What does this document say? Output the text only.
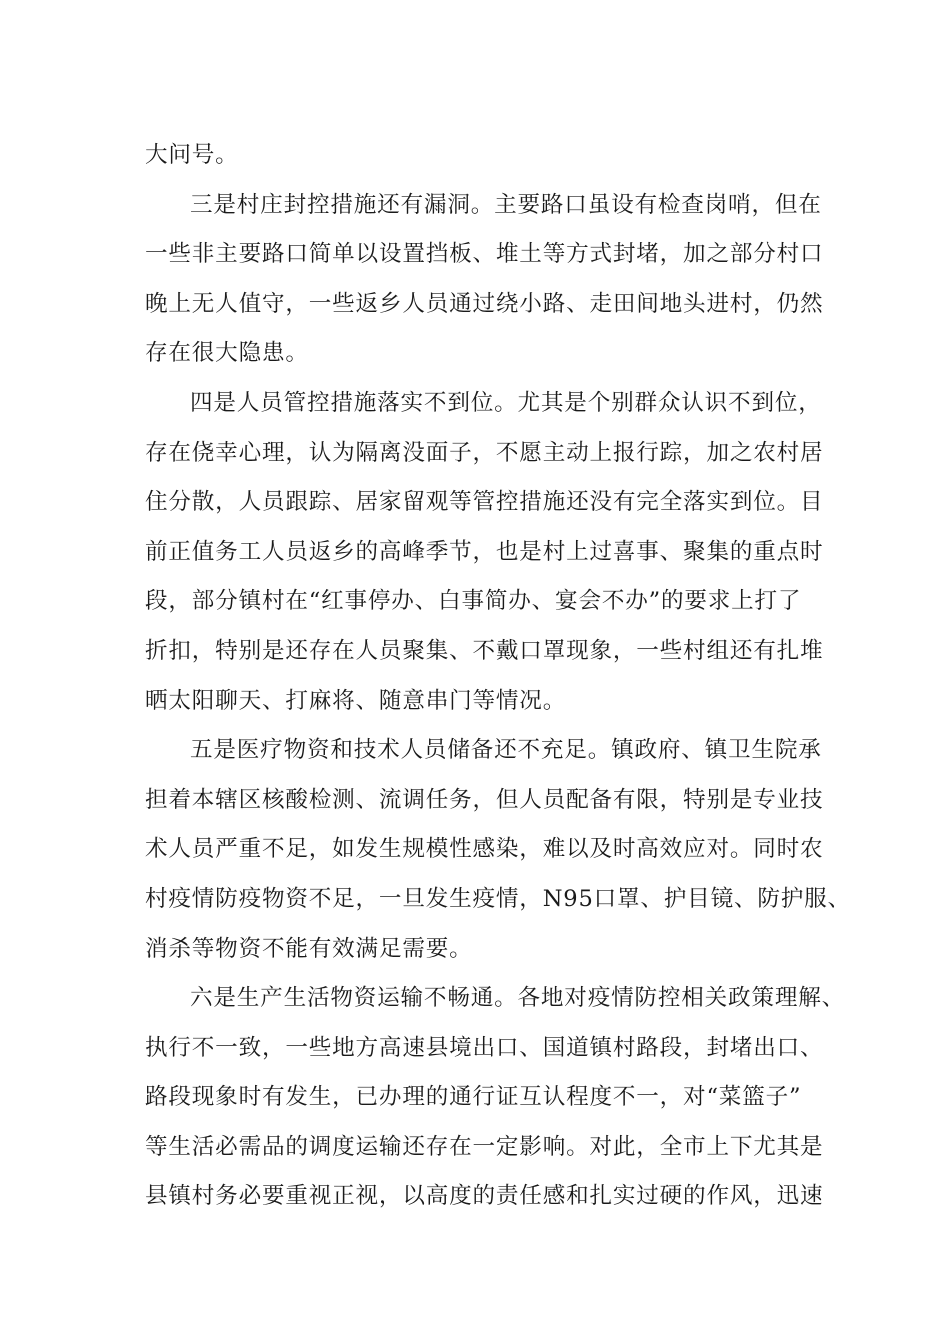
大问号。
三是村庄封控措施还有漏洞。主要路口虽设有检查岗哨，但在
一些非主要路口简单以设置挡板、堆土等方式封堵，加之部分村口
晚上无人值守，一些返乡人员通过绕小路、走田间地头进村，仍然
存在很大隐患。
四是人员管控措施落实不到位。尤其是个别群众认识不到位，
存在侥幸心理，认为隔离没面子，不愿主动上报行踪，加之农村居
住分散，人员跟踪、居家留观等管控措施还没有完全落实到位。目
前正值务工人员返乡的高峰季节，也是村上过喜事、聚集的重点时
段，部分镇村在“红事停办、白事简办、宴会不办”的要求上打了
折扣，特别是还存在人员聚集、不戴口罩现象，一些村组还有扎堆
晒太阳聊天、打麻将、随意串门等情况。
五是医疗物资和技术人员储备还不充足。镇政府、镇卫生院承
担着本辖区核酸检测、流调任务，但人员配备有限，特别是专业技
术人员严重不足，如发生规模性感染，难以及时高效应对。同时农
村疫情防疫物资不足，一旦发生疫情，N95口罩、护目镜、防护服、
消杀等物资不能有效满足需要。
六是生产生活物资运输不畅通。各地对疫情防控相关政策理解、
执行不一致，一些地方高速县境出口、国道镇村路段，封堵出口、
路段现象时有发生，已办理的通行证互认程度不一，对“菜篮子”
等生活必需品的调度运输还存在一定影响。对此，全市上下尤其是
县镇村务必要重视正视，以高度的责任感和扎实过硬的作风，迅速
